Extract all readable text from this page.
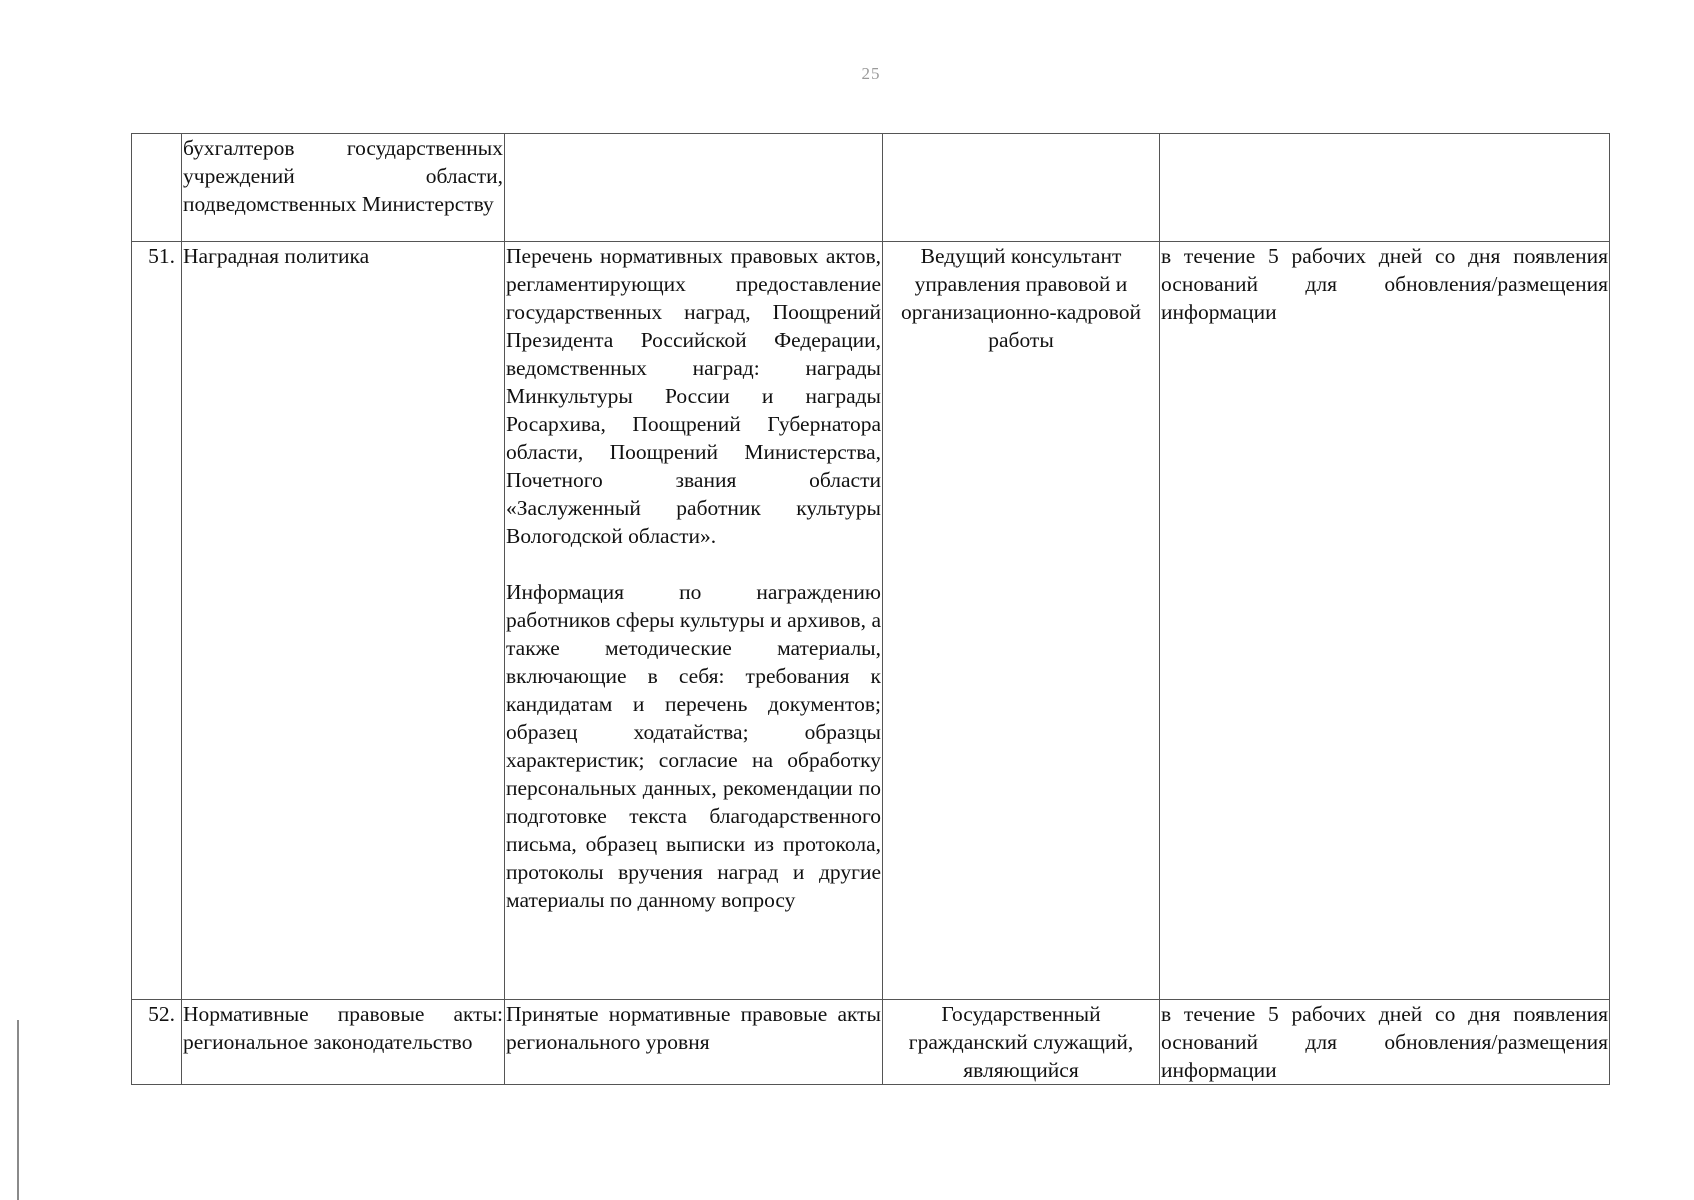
25
	бухгалтеров государственных учреждений области, подведомственных Министерству			
51.	Наградная политика	Перечень нормативных правовых актов, регламентирующих предоставление государственных наград, Поощрений Президента Российской Федерации, ведомственных наград: награды Минкультуры России и награды Росархива, Поощрений Губернатора области, Поощрений Министерства, Почетного звания области «Заслуженный работник культуры Вологодской области».
Информация по награждению работников сферы культуры и архивов, а также методические материалы, включающие в себя: требования к кандидатам и перечень документов; образец ходатайства; образцы характеристик; согласие на обработку персональных данных, рекомендации по подготовке текста благодарственного письма, образец выписки из протокола, протоколы вручения наград и другие материалы по данному вопросу	Ведущий консультант управления правовой и организационно-кадровой работы	в течение 5 рабочих дней со дня появления оснований для обновления/размещения информации
52.	Нормативные правовые акты: региональное законодательство	Принятые нормативные правовые акты регионального уровня	Государственный гражданский служащий, являющийся	в течение 5 рабочих дней со дня появления оснований для обновления/размещения информации
